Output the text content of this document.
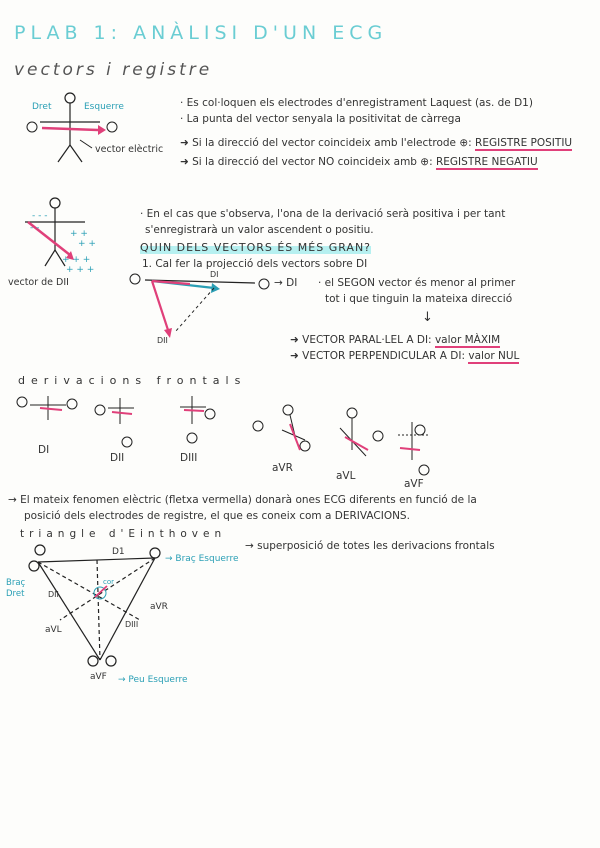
PLAB 1: ANÀLISI D'UN ECG
vectors i registre
+ +
+ +
+ + +
+ + +
- - -
- -
Dret	Esquerre
vector elèctric
· Es col·loquen els electrodes d'enregistrament Laquest (as. de D1)
· La punta del vector senyala la positivitat de càrrega
➜ Si la direcció del vector coincideix amb l'electrode ⊕: REGISTRE POSITIU
➜ Si la direcció del vector NO coincideix amb ⊕: REGISTRE NEGATIU
vector de DII
· En el cas que s'observa, l'ona de la derivació serà positiva i per tant
s'enregistrarà un valor ascendent o positiu.
QUIN DELS VECTORS ÉS MÉS GRAN?
1. Cal fer la projecció dels vectors sobre DI
DI
DII
→ DI · el SEGON vector és menor al primer
tot i que tinguin la mateixa direcció
↓
➜ VECTOR PARAL·LEL A DI: valor MÀXIM
➜ VECTOR PERPENDICULAR A DI: valor NUL
derivacions frontals
DI
DII	DIII
aVR
aVL
aVF
→ El mateix fenomen elèctric (fletxa vermella) donarà ones ECG diferents en funció de la
posició dels electrodes de registre, el que es coneix com a DERIVACIONS.
triangle d'Einthoven
→ superposició de totes les derivacions frontals
D1
DII
DIII
aVR
aVL
aVF
cor
→ Braç Esquerre
Braç Dret
→ Peu Esquerre
